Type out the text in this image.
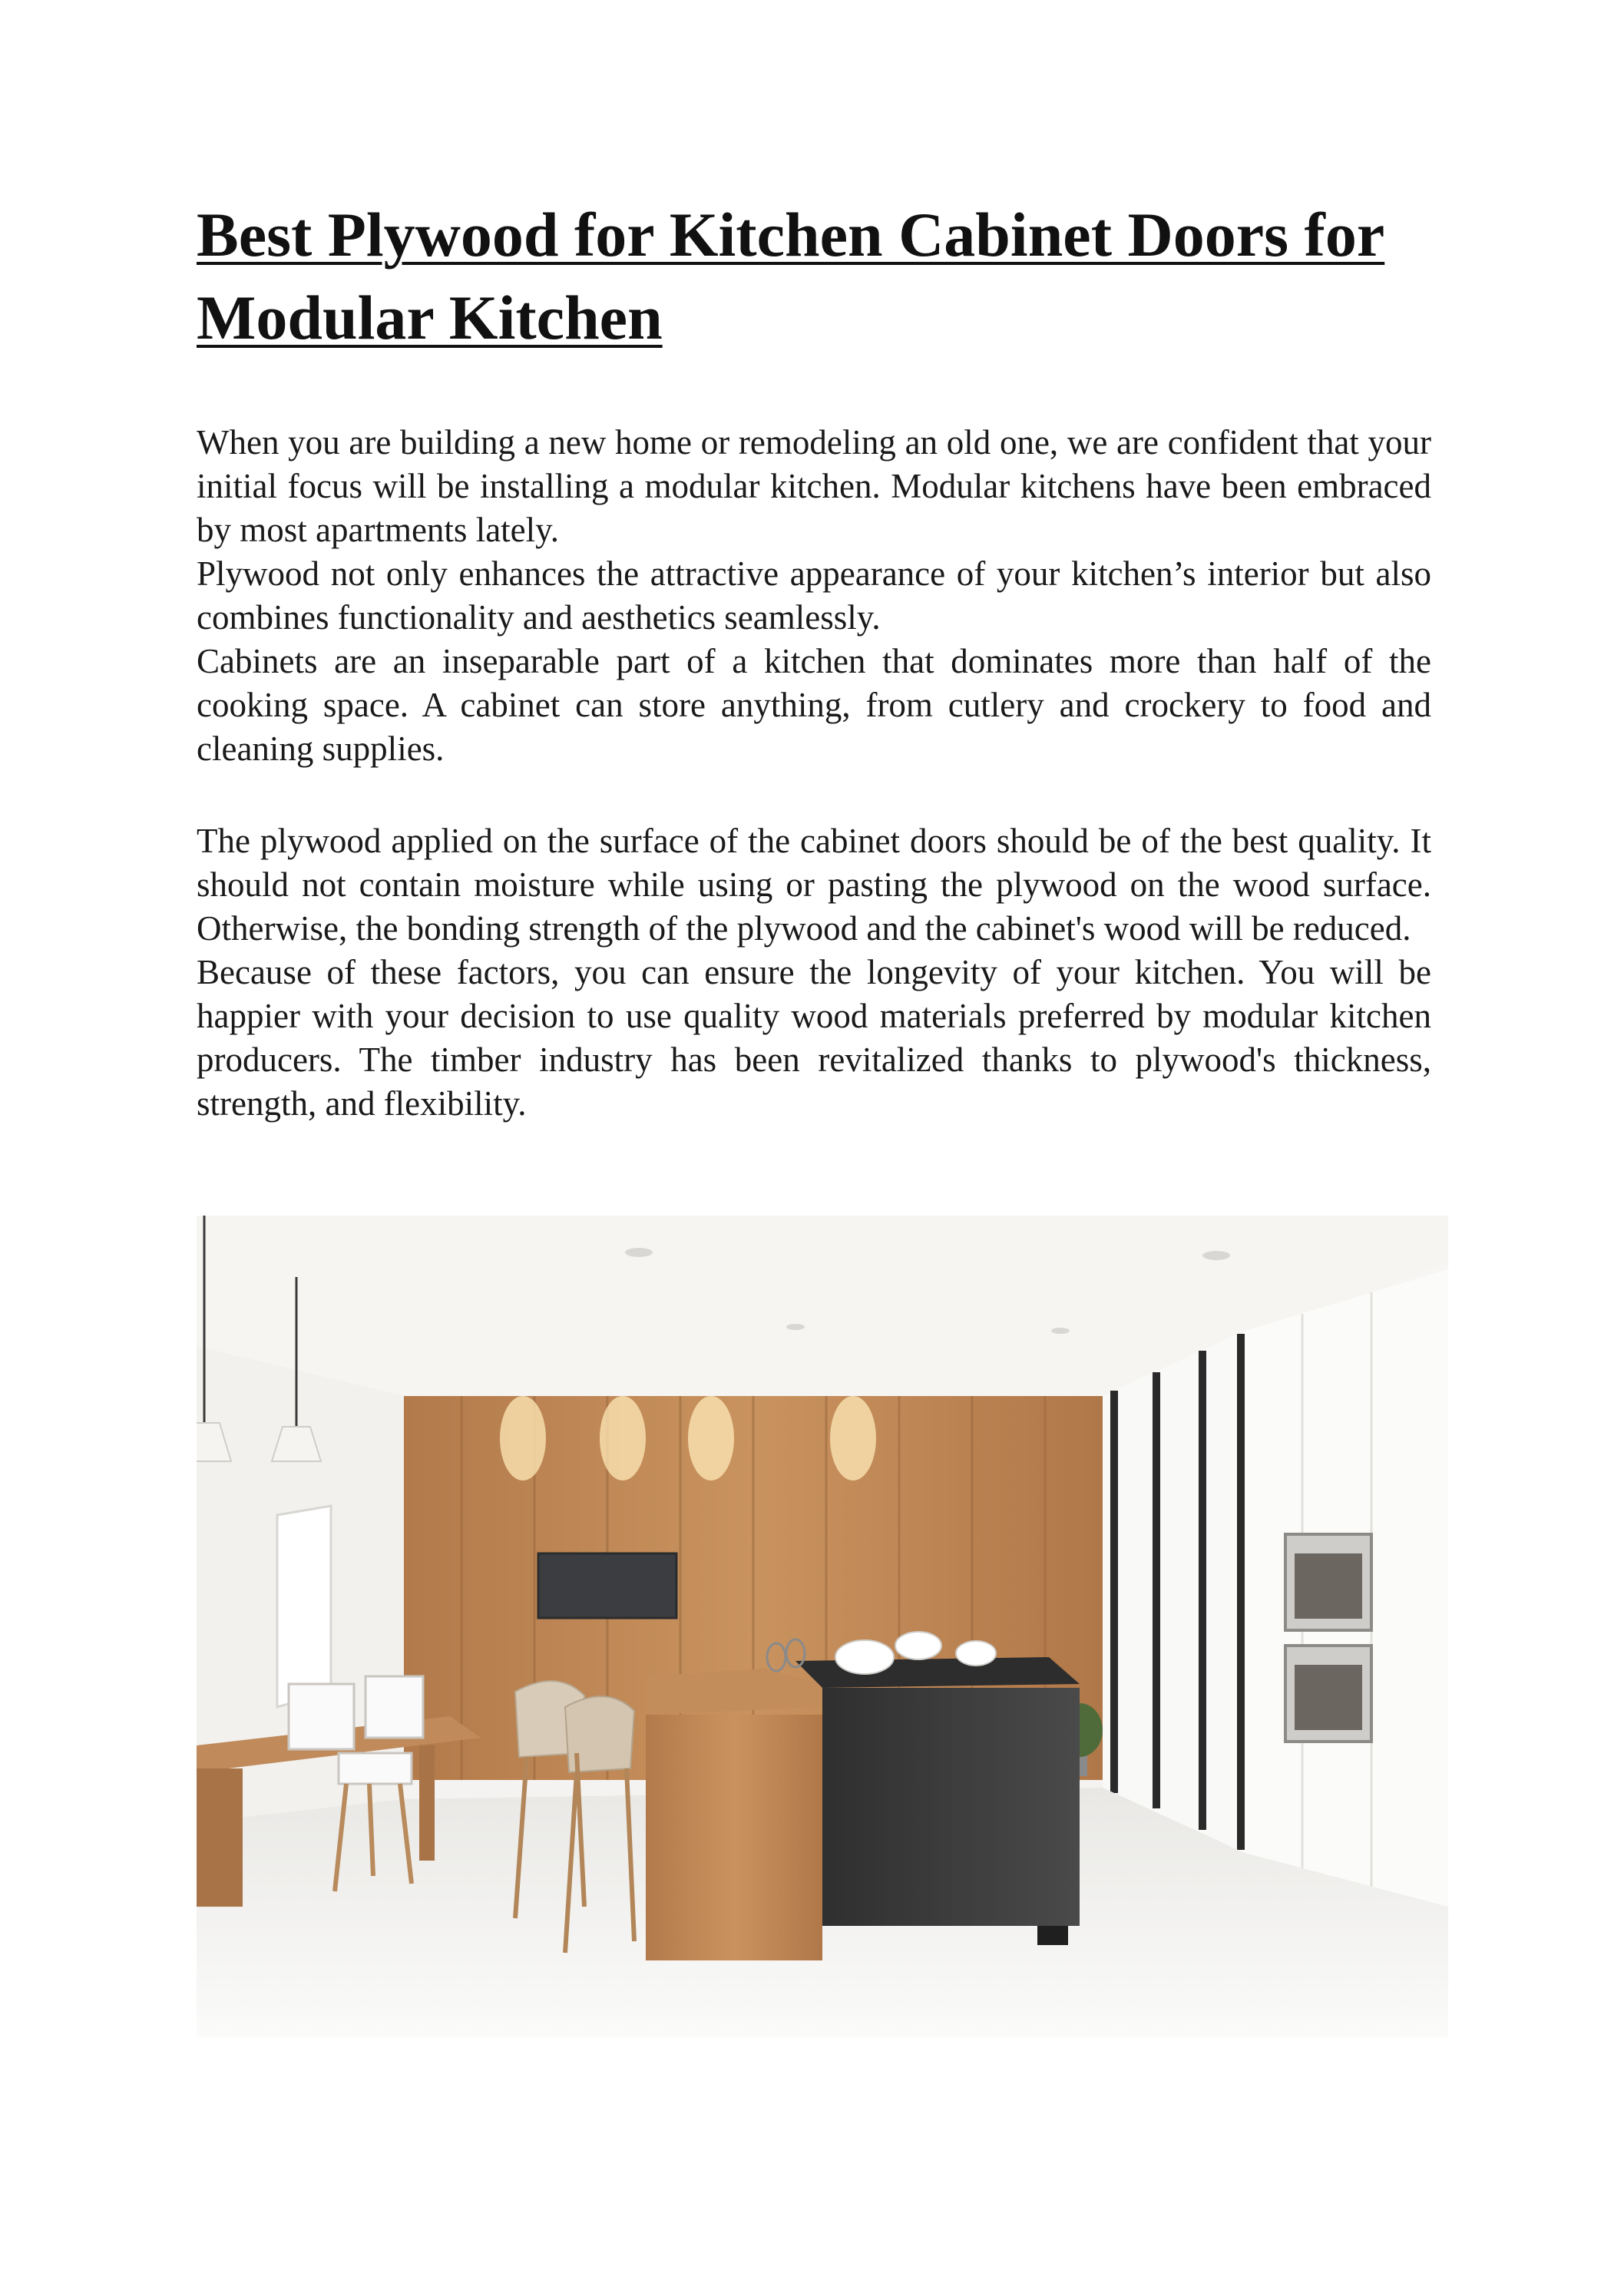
Best Plywood for Kitchen Cabinet Doors for Modular Kitchen

When you are building a new home or remodeling an old one, we are confident that your initial focus will be installing a modular kitchen. Modular kitchens have been embraced by most apartments lately.

Plywood not only enhances the attractive appearance of your kitchen’s interior but also combines functionality and aesthetics seamlessly.

Cabinets are an inseparable part of a kitchen that dominates more than half of the cooking space. A cabinet can store anything, from cutlery and crockery to food and cleaning supplies.

The plywood applied on the surface of the cabinet doors should be of the best quality. It should not contain moisture while using or pasting the plywood on the wood surface. Otherwise, the bonding strength of the plywood and the cabinet's wood will be reduced.

Because of these factors, you can ensure the longevity of your kitchen. You will be happier with your decision to use quality wood materials preferred by modular kitchen producers. The timber industry has been revitalized thanks to plywood's thickness, strength, and flexibility.
